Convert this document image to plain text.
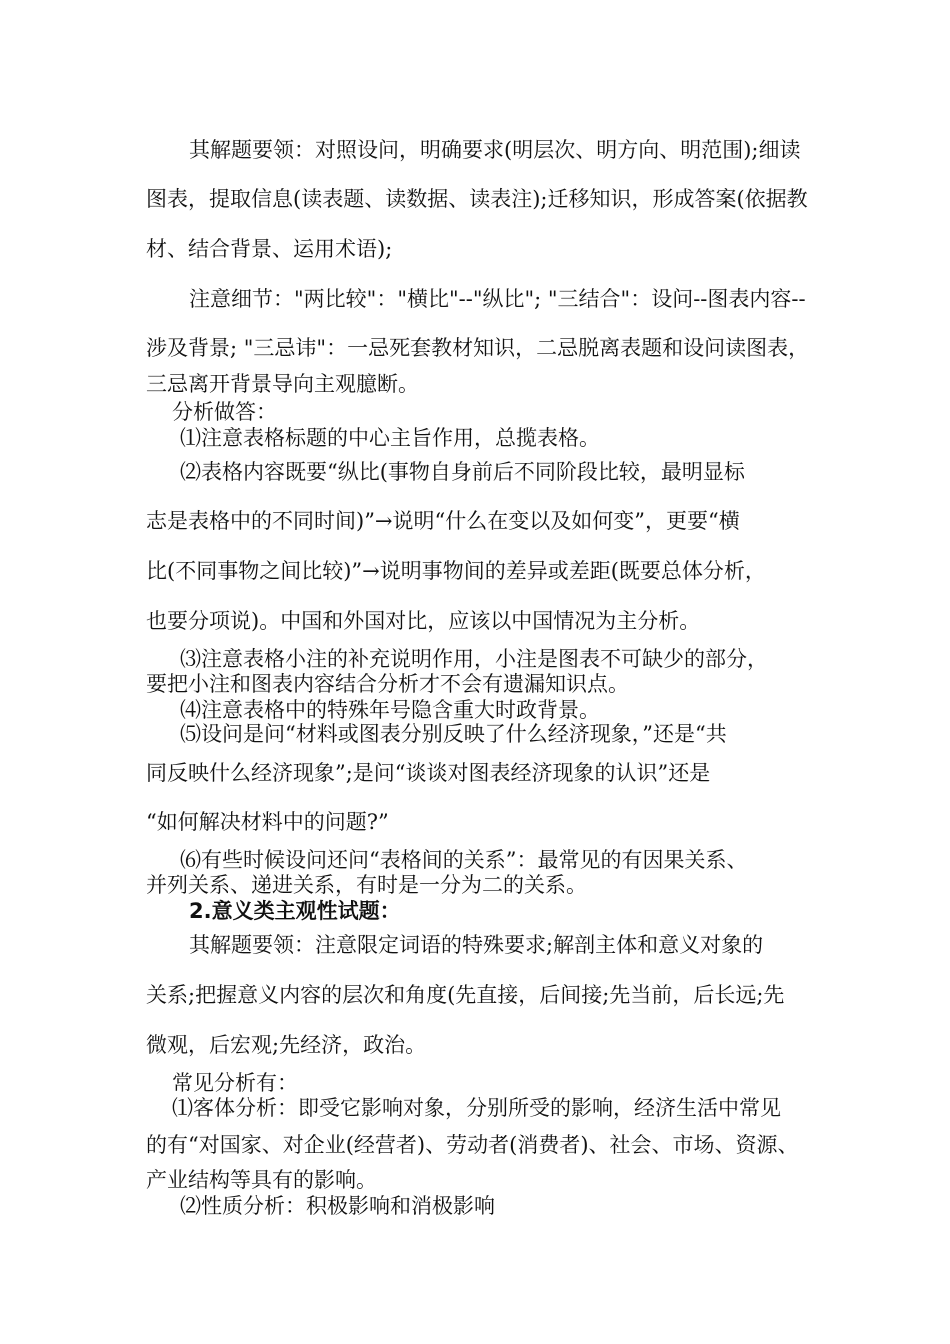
其解题要领：对照设问，明确要求(明层次、明方向、明范围);细读
图表，提取信息(读表题、读数据、读表注);迁移知识，形成答案(依据教
材、结合背景、运用术语);
注意细节："两比较"："横比"--"纵比"; "三结合"：设问--图表内容--
涉及背景; "三忌讳"：一忌死套教材知识，二忌脱离表题和设问读图表，
三忌离开背景导向主观臆断。
分析做答：
⑴注意表格标题的中心主旨作用，总揽表格。
⑵表格内容既要“纵比(事物自身前后不同阶段比较，最明显标
志是表格中的不同时间)”→说明“什么在变以及如何变”，更要“横
比(不同事物之间比较)”→说明事物间的差异或差距(既要总体分析，
也要分项说)。中国和外国对比，应该以中国情况为主分析。
⑶注意表格小注的补充说明作用，小注是图表不可缺少的部分，
要把小注和图表内容结合分析才不会有遗漏知识点。
⑷注意表格中的特殊年号隐含重大时政背景。
⑸设问是问“材料或图表分别反映了什么经济现象，”还是“共
同反映什么经济现象”;是问“谈谈对图表经济现象的认识”还是
“如何解决材料中的问题?”
⑹有些时候设问还问“表格间的关系”：最常见的有因果关系、
并列关系、递进关系，有时是一分为二的关系。
2.意义类主观性试题：
其解题要领：注意限定词语的特殊要求;解剖主体和意义对象的
关系;把握意义内容的层次和角度(先直接，后间接;先当前，后长远;先
微观，后宏观;先经济，政治。
常见分析有：
⑴客体分析：即受它影响对象，分别所受的影响，经济生活中常见
的有“对国家、对企业(经营者)、劳动者(消费者)、社会、市场、资源、
产业结构等具有的影响。
⑵性质分析：积极影响和消极影响
